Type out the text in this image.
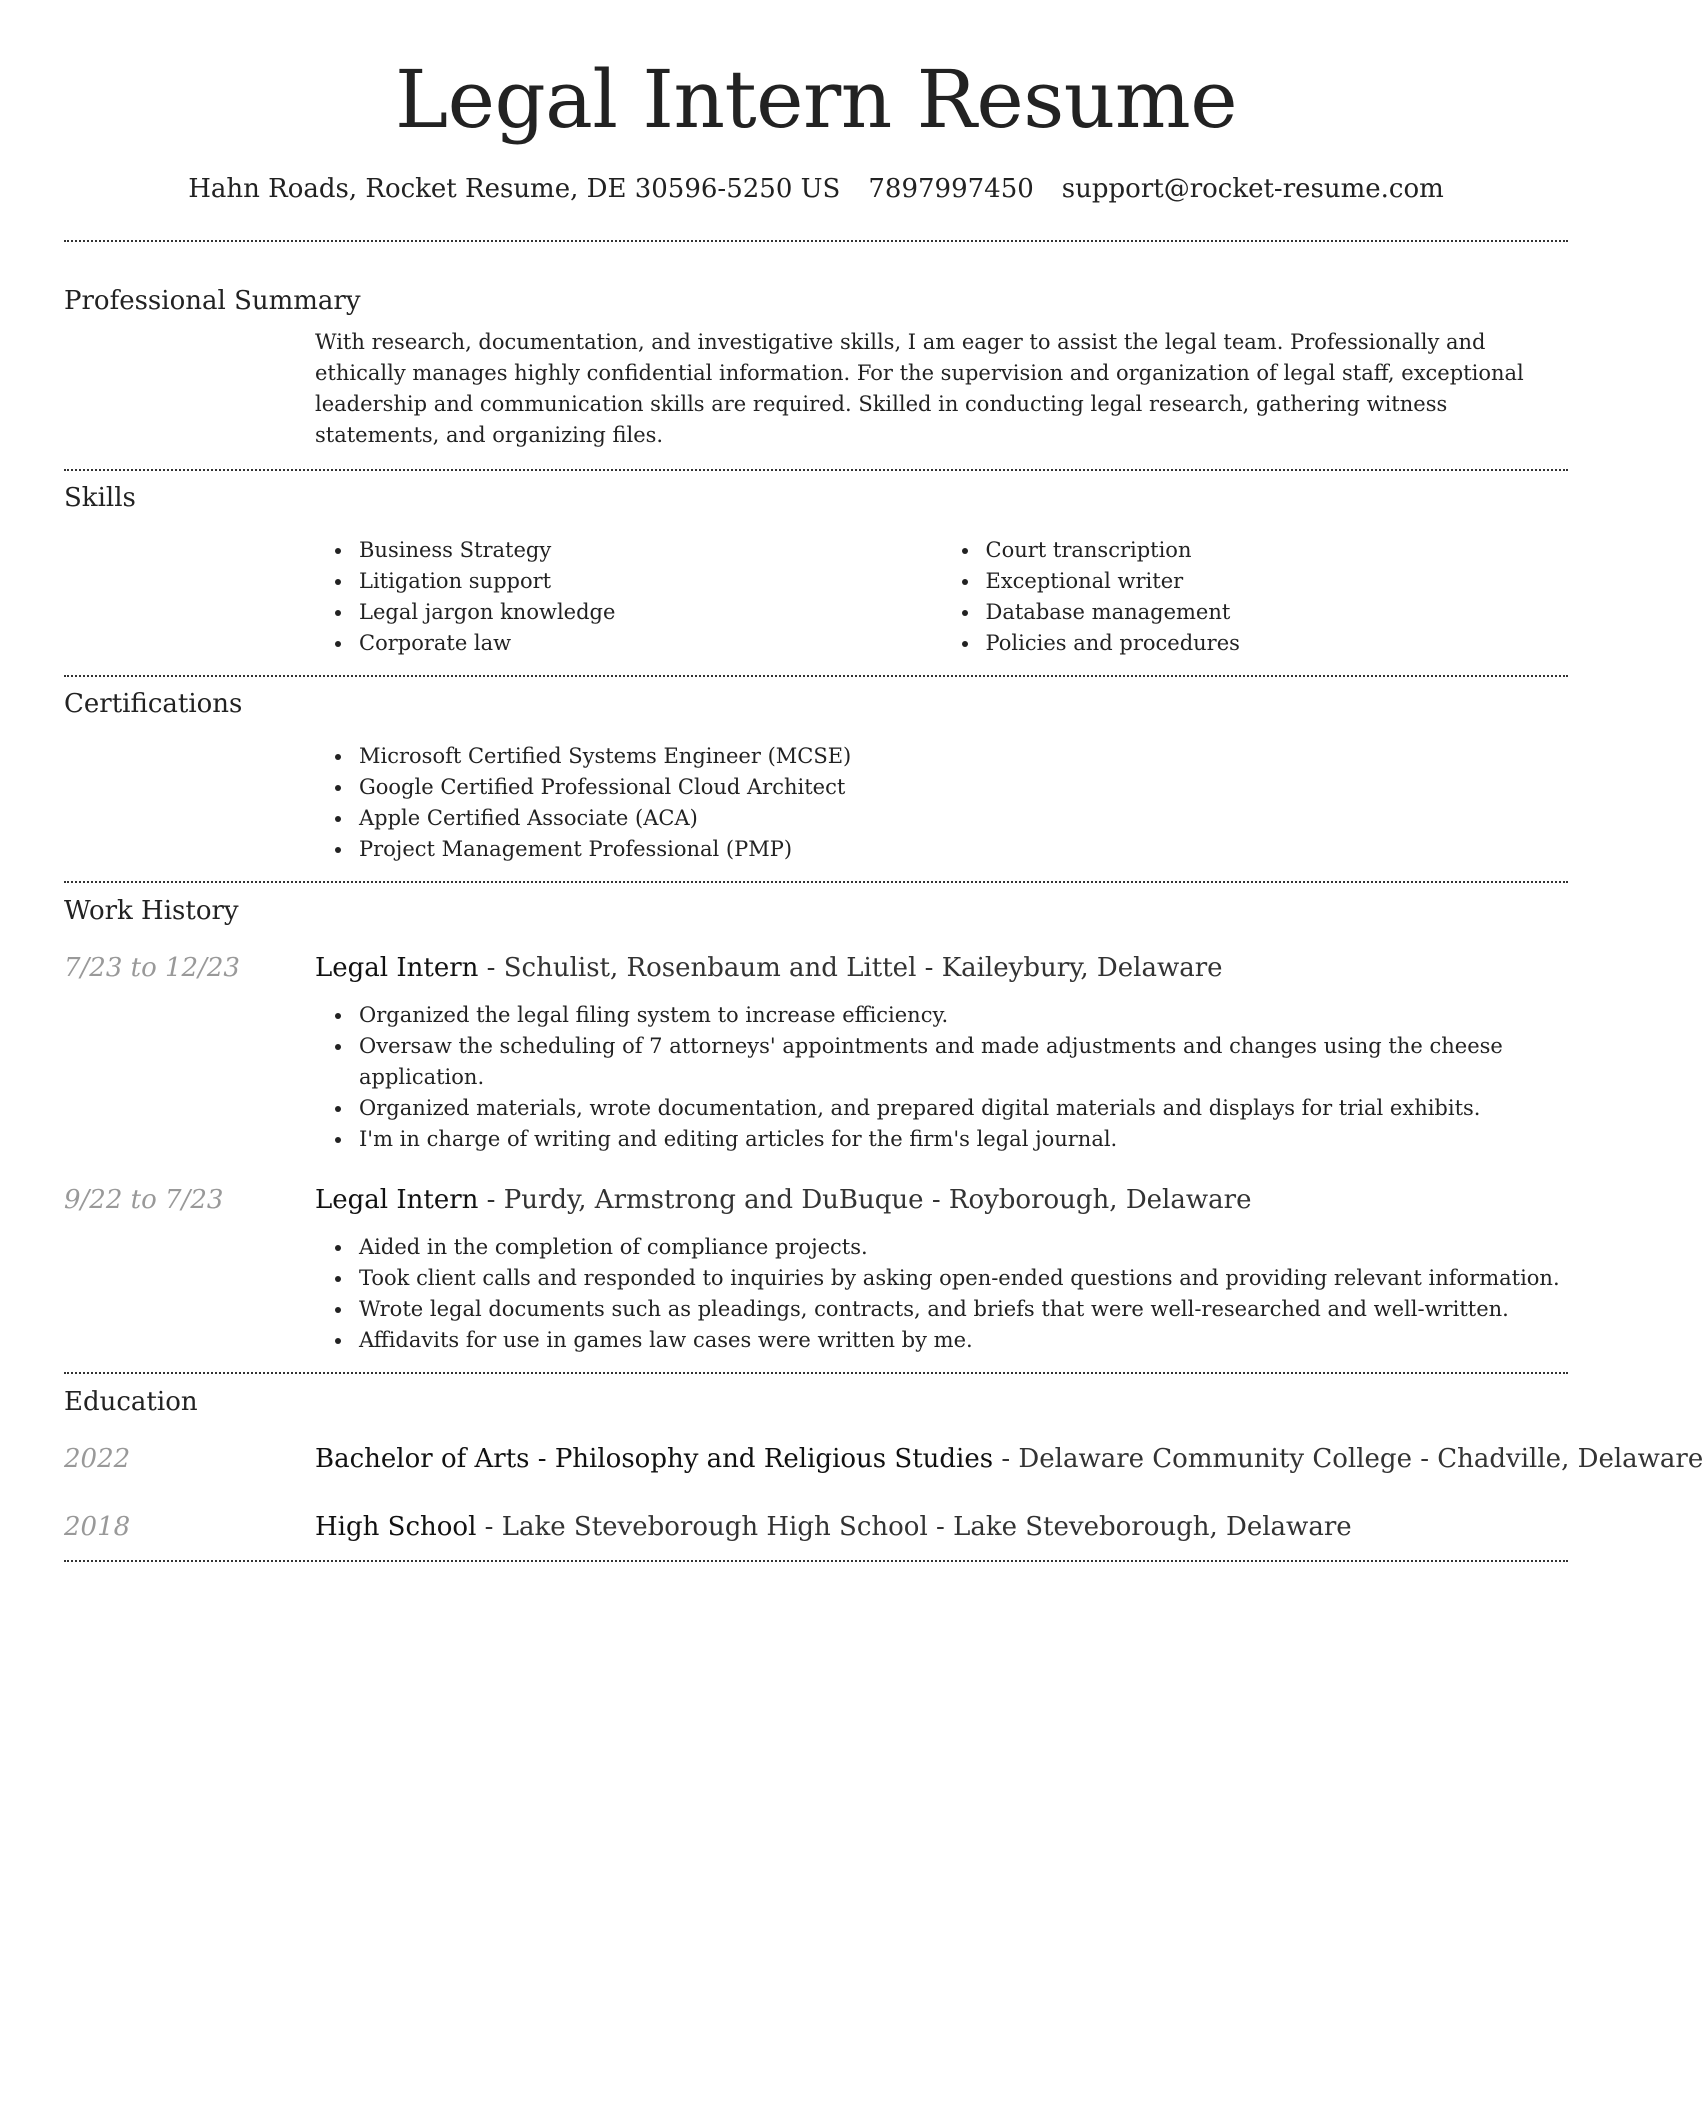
Legal Intern Resume
Hahn Roads, Rocket Resume, DE 30596-5250 US 7897997450 support@rocket-resume.com
Professional Summary

With research, documentation, and investigative skills, I am eager to assist the legal team. Professionally and ethically manages highly confidential information. For the supervision and organization of legal staff, exceptional leadership and communication skills are required. Skilled in conducting legal research, gathering witness statements, and organizing files.

Skills
Business Strategy
Litigation support
Legal jargon knowledge
Corporate law
Court transcription
Exceptional writer
Database management
Policies and procedures
Certifications
Microsoft Certified Systems Engineer (MCSE)
Google Certified Professional Cloud Architect
Apple Certified Associate (ACA)
Project Management Professional (PMP)
Work History
7/23 to 12/23	Legal Intern - Schulist, Rosenbaum and Littel - Kaileybury, Delaware
Organized the legal filing system to increase efficiency.
Oversaw the scheduling of 7 attorneys' appointments and made adjustments and changes using the cheese application.
Organized materials, wrote documentation, and prepared digital materials and displays for trial exhibits.
I'm in charge of writing and editing articles for the firm's legal journal.
9/22 to 7/23	Legal Intern - Purdy, Armstrong and DuBuque - Royborough, Delaware
Aided in the completion of compliance projects.
Took client calls and responded to inquiries by asking open-ended questions and providing relevant information.
Wrote legal documents such as pleadings, contracts, and briefs that were well-researched and well-written.
Affidavits for use in games law cases were written by me.
Education
2022	Bachelor of Arts - Philosophy and Religious Studies - Delaware Community College - Chadville, Delaware
2018	High School - Lake Steveborough High School - Lake Steveborough, Delaware
